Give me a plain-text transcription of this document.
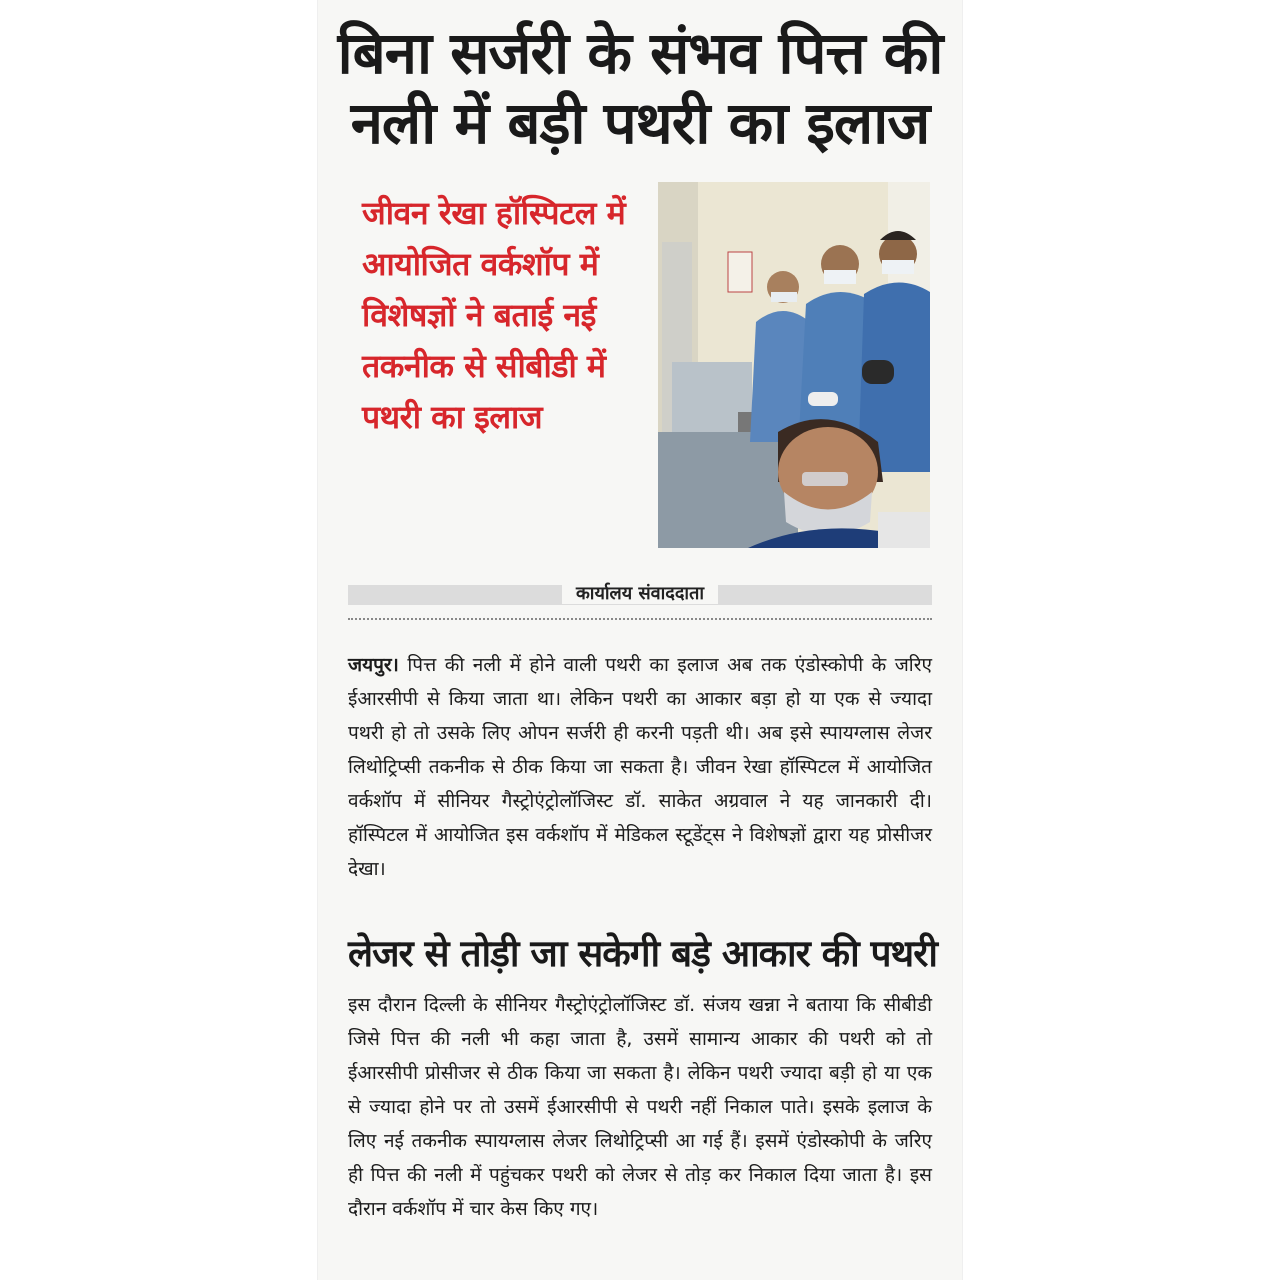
बिना सर्जरी के संभव पित्त की नली में बड़ी पथरी का इलाज
जीवन रेखा हॉस्पिटल में आयोजित वर्कशॉप में विशेषज्ञों ने बताई नई तकनीक से सीबीडी में पथरी का इलाज
कार्यालय संवाददाता
जयपुर। पित्त की नली में होने वाली पथरी का इलाज अब तक एंडोस्कोपी के जरिए ईआरसीपी से किया जाता था। लेकिन पथरी का आकार बड़ा हो या एक से ज्यादा पथरी हो तो उसके लिए ओपन सर्जरी ही करनी पड़ती थी। अब इसे स्पायग्लास लेजर लिथोट्रिप्सी तकनीक से ठीक किया जा सकता है। जीवन रेखा हॉस्पिटल में आयोजित वर्कशॉप में सीनियर गैस्ट्रोएंट्रोलॉजिस्ट डॉ. साकेत अग्रवाल ने यह जानकारी दी। हॉस्पिटल में आयोजित इस वर्कशॉप में मेडिकल स्टूडेंट्स ने विशेषज्ञों द्वारा यह प्रोसीजर देखा।
लेजर से तोड़ी जा सकेगी बड़े आकार की पथरी
इस दौरान दिल्ली के सीनियर गैस्ट्रोएंट्रोलॉजिस्ट डॉ. संजय खन्ना ने बताया कि सीबीडी जिसे पित्त की नली भी कहा जाता है, उसमें सामान्य आकार की पथरी को तो ईआरसीपी प्रोसीजर से ठीक किया जा सकता है। लेकिन पथरी ज्यादा बड़ी हो या एक से ज्यादा होने पर तो उसमें ईआरसीपी से पथरी नहीं निकाल पाते। इसके इलाज के लिए नई तकनीक स्पायग्लास लेजर लिथोट्रिप्सी आ गई हैं। इसमें एंडोस्कोपी के जरिए ही पित्त की नली में पहुंचकर पथरी को लेजर से तोड़ कर निकाल दिया जाता है। इस दौरान वर्कशॉप में चार केस किए गए।
